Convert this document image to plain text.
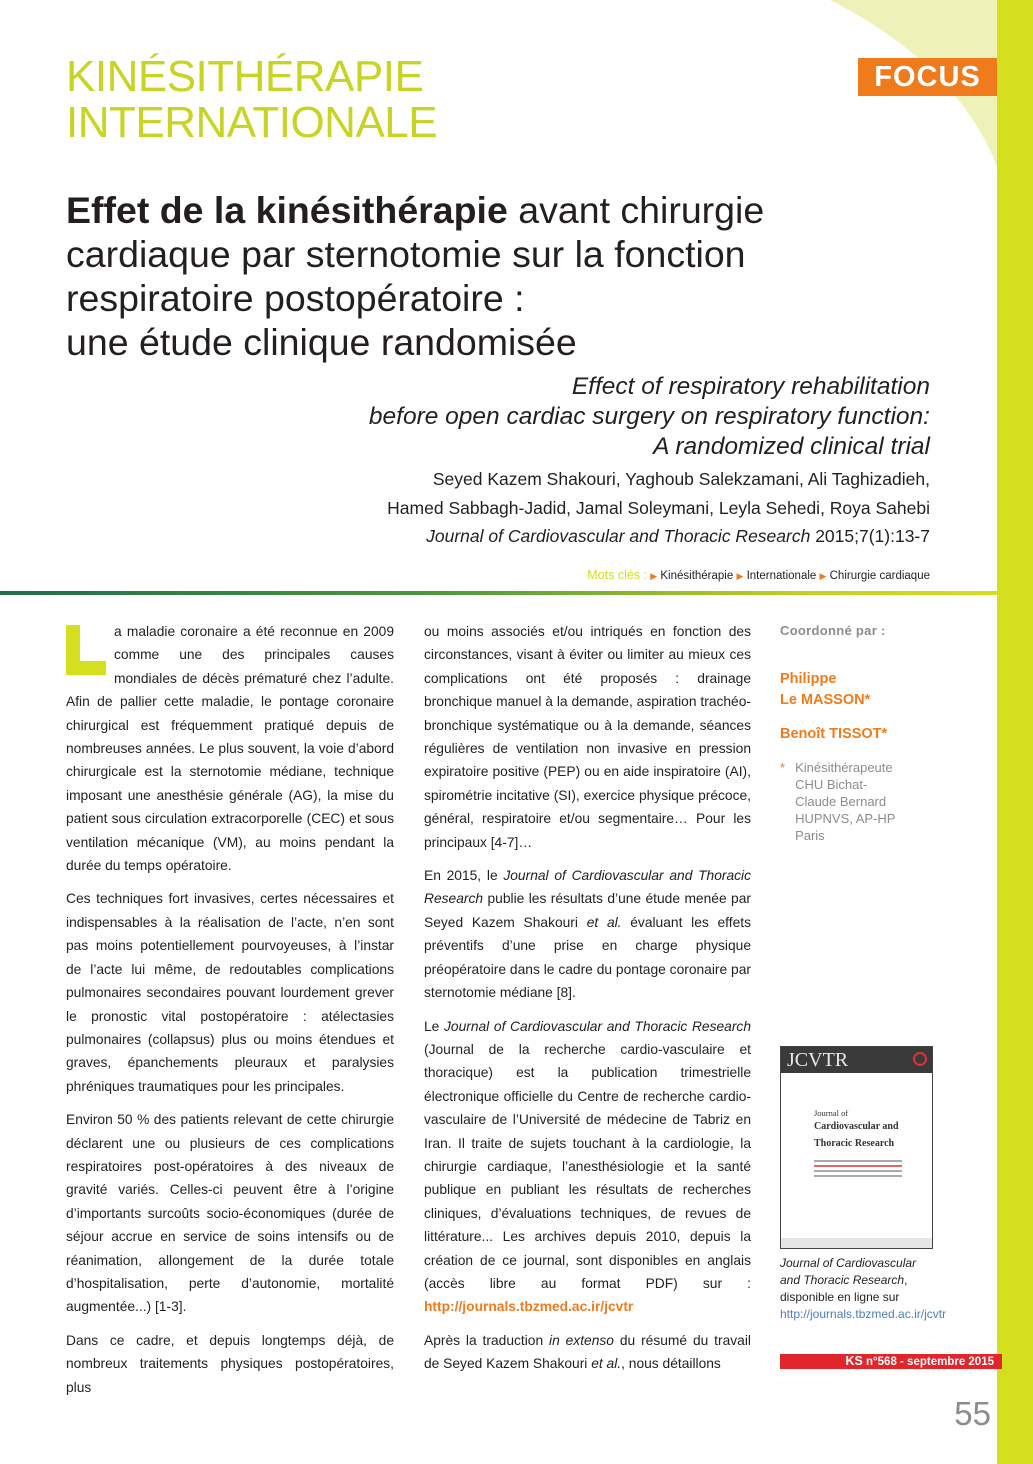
KINÉSITHÉRAPIE
INTERNATIONALE
FOCUS
Effet de la kinésithérapie avant chirurgie
cardiaque par sternotomie sur la fonction
respiratoire postopératoire :
une étude clinique randomisée
Effect of respiratory rehabilitation
before open cardiac surgery on respiratory function:
A randomized clinical trial
Seyed Kazem Shakouri, Yaghoub Salekzamani, Ali Taghizadieh,
Hamed Sabbagh-Jadid, Jamal Soleymani, Leyla Sehedi, Roya Sahebi
Journal of Cardiovascular and Thoracic Research 2015;7(1):13-7
Mots clés : ▶ Kinésithérapie ▶ Internationale ▶ Chirurgie cardiaque

a maladie coronaire a été reconnue en 2009 comme une des principales causes mondiales de décès prématuré chez l’adulte. Afin de pallier cette maladie, le pontage coronaire chirurgical est fréquemment pratiqué depuis de nombreuses années. Le plus souvent, la voie d’abord chirurgicale est la sternotomie médiane, technique imposant une anesthésie générale (AG), la mise du patient sous circulation extracorporelle (CEC) et sous ventilation mécanique (VM), au moins pendant la durée du temps opératoire.

Ces techniques fort invasives, certes nécessaires et indispensables à la réalisation de l’acte, n’en sont pas moins potentiellement pourvoyeuses, à l’instar de l’acte lui même, de redoutables complications pulmonaires secondaires pouvant lourdement grever le pronostic vital postopératoire : atélectasies pulmonaires (collapsus) plus ou moins étendues et graves, épanchements pleuraux et paralysies phréniques traumatiques pour les principales.

Environ 50 % des patients relevant de cette chirurgie déclarent une ou plusieurs de ces complications respiratoires post-opératoires à des niveaux de gravité variés. Celles-ci peuvent être à l’origine d’importants surcoûts socio-économiques (durée de séjour accrue en service de soins intensifs ou de réanimation, allongement de la durée totale d’hospitalisation, perte d’autonomie, mortalité augmentée...) [1-3].

Dans ce cadre, et depuis longtemps déjà, de nombreux traitements physiques postopératoires, plus

ou moins associés et/ou intriqués en fonction des circonstances, visant à éviter ou limiter au mieux ces complications ont été proposés : drainage bronchique manuel à la demande, aspiration trachéo-bronchique systématique ou à la demande, séances régulières de ventilation non invasive en pression expiratoire positive (PEP) ou en aide inspiratoire (AI), spirométrie incitative (SI), exercice physique précoce, général, respiratoire et/ou segmentaire… Pour les principaux [4-7]…

En 2015, le Journal of Cardiovascular and Thoracic Research publie les résultats d’une étude menée par Seyed Kazem Shakouri et al. évaluant les effets préventifs d’une prise en charge physique préopératoire dans le cadre du pontage coronaire par sternotomie médiane [8].

Le Journal of Cardiovascular and Thoracic Research (Journal de la recherche cardio-vasculaire et thoracique) est la publication trimestrielle électronique officielle du Centre de recherche cardio-vasculaire de l’Université de médecine de Tabriz en Iran. Il traite de sujets touchant à la cardiologie, la chirurgie cardiaque, l’anesthésiologie et la santé publique en publiant les résultats de recherches cliniques, d’évaluations techniques, de revues de littérature... Les archives depuis 2010, depuis la création de ce journal, sont disponibles en anglais (accès libre au format PDF) sur : http://journals.tbzmed.ac.ir/jcvtr

Après la traduction in extenso du résumé du travail de Seyed Kazem Shakouri et al., nous détaillons

Coordonné par :
Philippe
Le MASSON*
Benoît TISSOT*
* Kinésithérapeute
CHU Bichat-
Claude Bernard
HUPNVS, AP-HP
Paris
JCVTR
Journal of
Cardiovascular and
Thoracic Research
Journal of Cardiovascular
and Thoracic Research,
disponible en ligne sur
http://journals.tbzmed.ac.ir/jcvtr
KS n°568 - septembre 2015
55
